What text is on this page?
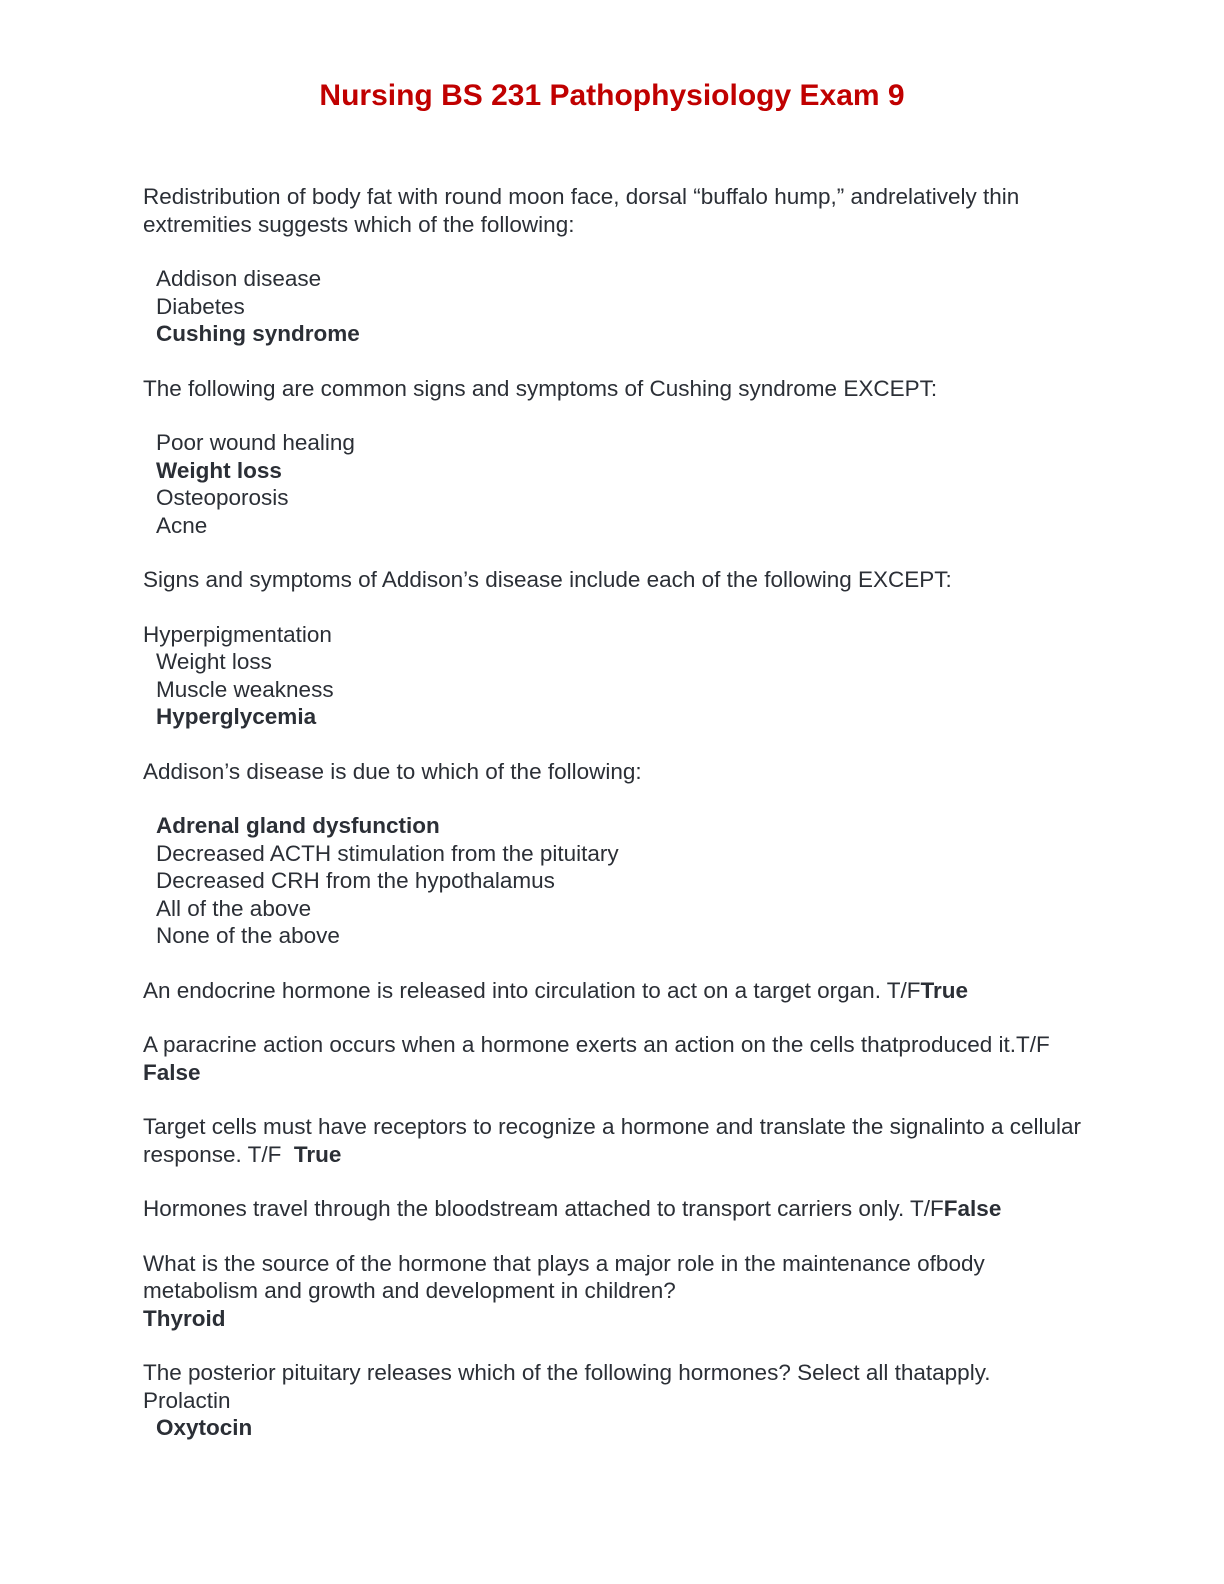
Nursing BS 231 Pathophysiology Exam 9

Redistribution of body fat with round moon face, dorsal “buffalo hump,” andrelatively thin extremities suggests which of the following:

Addison disease
Diabetes
Cushing syndrome

The following are common signs and symptoms of Cushing syndrome EXCEPT:

Poor wound healing
Weight loss
Osteoporosis
Acne

Signs and symptoms of Addison’s disease include each of the following EXCEPT:

Hyperpigmentation
Weight loss
Muscle weakness
Hyperglycemia

Addison’s disease is due to which of the following:

Adrenal gland dysfunction
Decreased ACTH stimulation from the pituitary
Decreased CRH from the hypothalamus
All of the above
None of the above

An endocrine hormone is released into circulation to act on a target organ. T/FTrue

A paracrine action occurs when a hormone exerts an action on the cells thatproduced it.T/F False

Target cells must have receptors to recognize a hormone and translate the signalinto a cellular response. T/F  True

Hormones travel through the bloodstream attached to transport carriers only. T/FFalse

What is the source of the hormone that plays a major role in the maintenance ofbody metabolism and growth and development in children?

Thyroid

The posterior pituitary releases which of the following hormones? Select all thatapply.

Prolactin
Oxytocin
